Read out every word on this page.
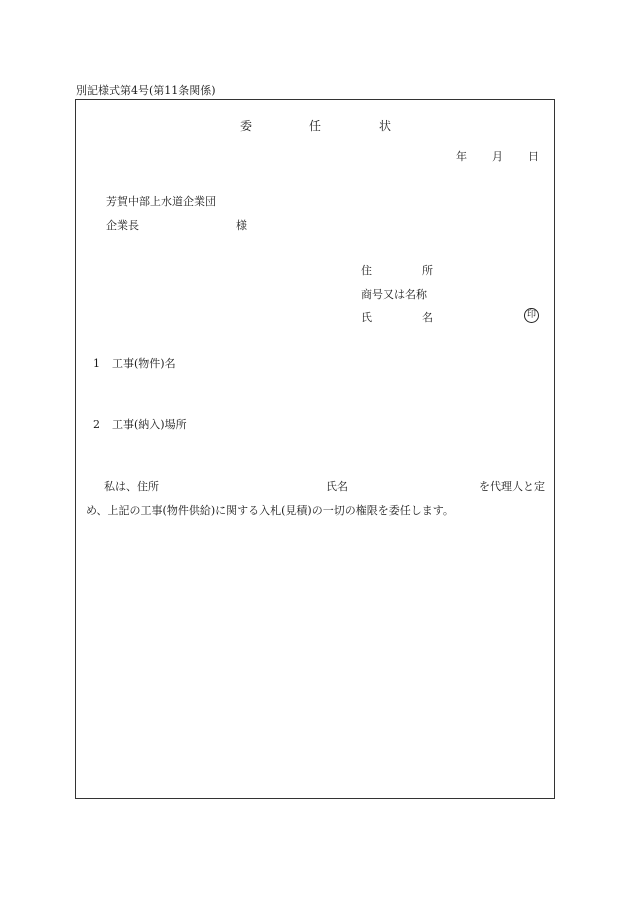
別記様式第4号(第11条関係)
委	任	状
年 月 日
芳賀中部上水道企業団
企業長	様
住	所
商号又は名称
氏	名	印
1 工事(物件)名
2 工事(納入)場所
私は、住所	氏名	を代理人と定
め、上記の工事(物件供給)に関する入札(見積)の一切の権限を委任します。
